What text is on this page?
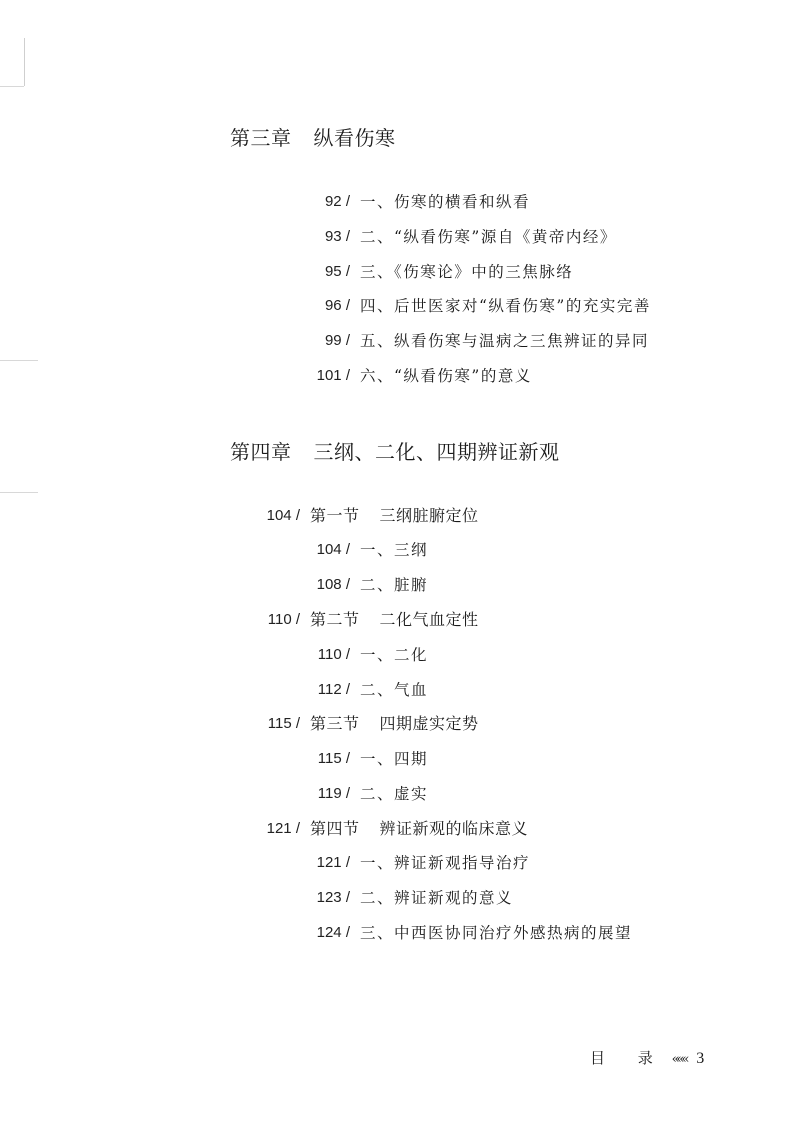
第三章 纵看伤寒
92 / 一、伤寒的横看和纵看
93 / 二、“纵看伤寒”源自《黄帝内经》
95 / 三、《伤寒论》中的三焦脉络
96 / 四、后世医家对“纵看伤寒”的充实完善
99 / 五、纵看伤寒与温病之三焦辨证的异同
101 / 六、“纵看伤寒”的意义
第四章 三纲、二化、四期辨证新观
104 / 第一节 三纲脏腑定位
104 / 一、三纲
108 / 二、脏腑
110 / 第二节 二化气血定性
110 / 一、二化
112 / 二、气血
115 / 第三节 四期虚实定势
115 / 一、四期
119 / 二、虚实
121 / 第四节 辨证新观的临床意义
121 / 一、辨证新观指导治疗
123 / 二、辨证新观的意义
124 / 三、中西医协同治疗外感热病的展望
目 录 ««« 3
